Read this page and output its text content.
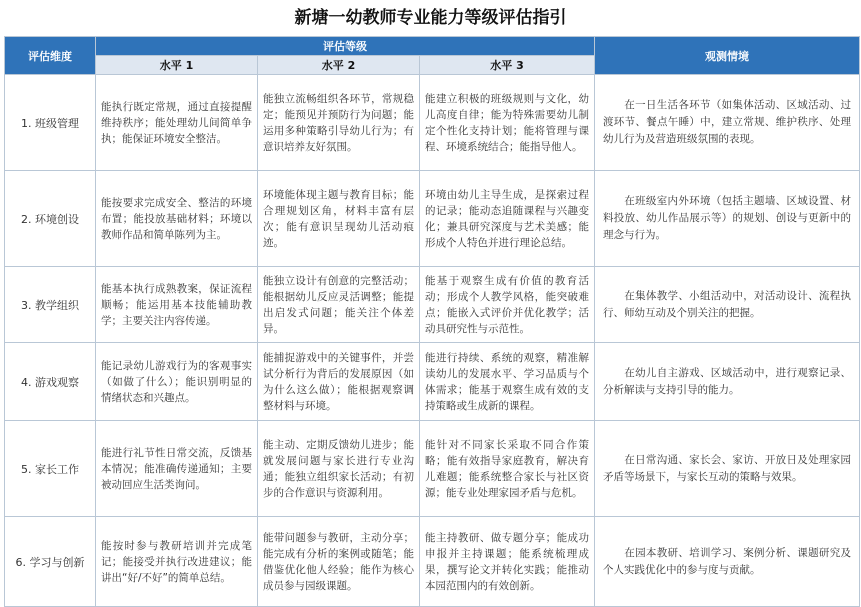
新塘一幼教师专业能力等级评估指引
评估维度	评估等级			观测情境
	水平 1	水平 2	水平 3	
1. 班级管理	能执行既定常规，通过直接提醒维持秩序；能处理幼儿间简单争执；能保证环境安全整洁。	能独立流畅组织各环节，常规稳定；能预见并预防行为问题；能运用多种策略引导幼儿行为；有意识培养友好氛围。	能建立积极的班级规则与文化，幼儿高度自律；能为特殊需要幼儿制定个性化支持计划；能将管理与课程、环境系统结合；能指导他人。	在一日生活各环节（如集体活动、区域活动、过渡环节、餐点午睡）中，建立常规、维护秩序、处理幼儿行为及营造班级氛围的表现。
2. 环境创设	能按要求完成安全、整洁的环境布置；能投放基础材料；环境以教师作品和简单陈列为主。	环境能体现主题与教育目标；能合理规划区角，材料丰富有层次；能有意识呈现幼儿活动痕迹。	环境由幼儿主导生成，是探索过程的记录；能动态追随课程与兴趣变化；兼具研究深度与艺术美感；能形成个人特色并进行理论总结。	在班级室内外环境（包括主题墙、区域设置、材料投放、幼儿作品展示等）的规划、创设与更新中的理念与行为。
3. 教学组织	能基本执行成熟教案，保证流程顺畅；能运用基本技能辅助教学；主要关注内容传递。	能独立设计有创意的完整活动；能根据幼儿反应灵活调整；能提出启发式问题；能关注个体差异。	能基于观察生成有价值的教育活动；形成个人教学风格，能突破难点；能嵌入式评价并优化教学；活动具研究性与示范性。	在集体教学、小组活动中，对活动设计、流程执行、师幼互动及个别关注的把握。
4. 游戏观察	能记录幼儿游戏行为的客观事实（如做了什么）；能识别明显的情绪状态和兴趣点。	能捕捉游戏中的关键事件，并尝试分析行为背后的发展原因（如为什么这么做）；能根据观察调整材料与环境。	能进行持续、系统的观察，精准解读幼儿的发展水平、学习品质与个体需求；能基于观察生成有效的支持策略或生成新的课程。	在幼儿自主游戏、区域活动中，进行观察记录、分析解读与支持引导的能力。
5. 家长工作	能进行礼节性日常交流，反馈基本情况；能准确传递通知；主要被动回应生活类询问。	能主动、定期反馈幼儿进步；能就发展问题与家长进行专业沟通；能独立组织家长活动；有初步的合作意识与资源利用。	能针对不同家长采取不同合作策略；能有效指导家庭教育，解决育儿难题；能系统整合家长与社区资源；能专业处理家园矛盾与危机。	在日常沟通、家长会、家访、开放日及处理家园矛盾等场景下，与家长互动的策略与效果。
6. 学习与创新	能按时参与教研培训并完成笔记；能接受并执行改进建议；能讲出“好/不好”的简单总结。	能带问题参与教研，主动分享；能完成有分析的案例或随笔；能借鉴优化他人经验；能作为核心成员参与园级课题。	能主持教研、做专题分享；能成功申报并主持课题；能系统梳理成果，撰写论文并转化实践；能推动本园范围内的有效创新。	在园本教研、培训学习、案例分析、课题研究及个人实践优化中的参与度与贡献。
